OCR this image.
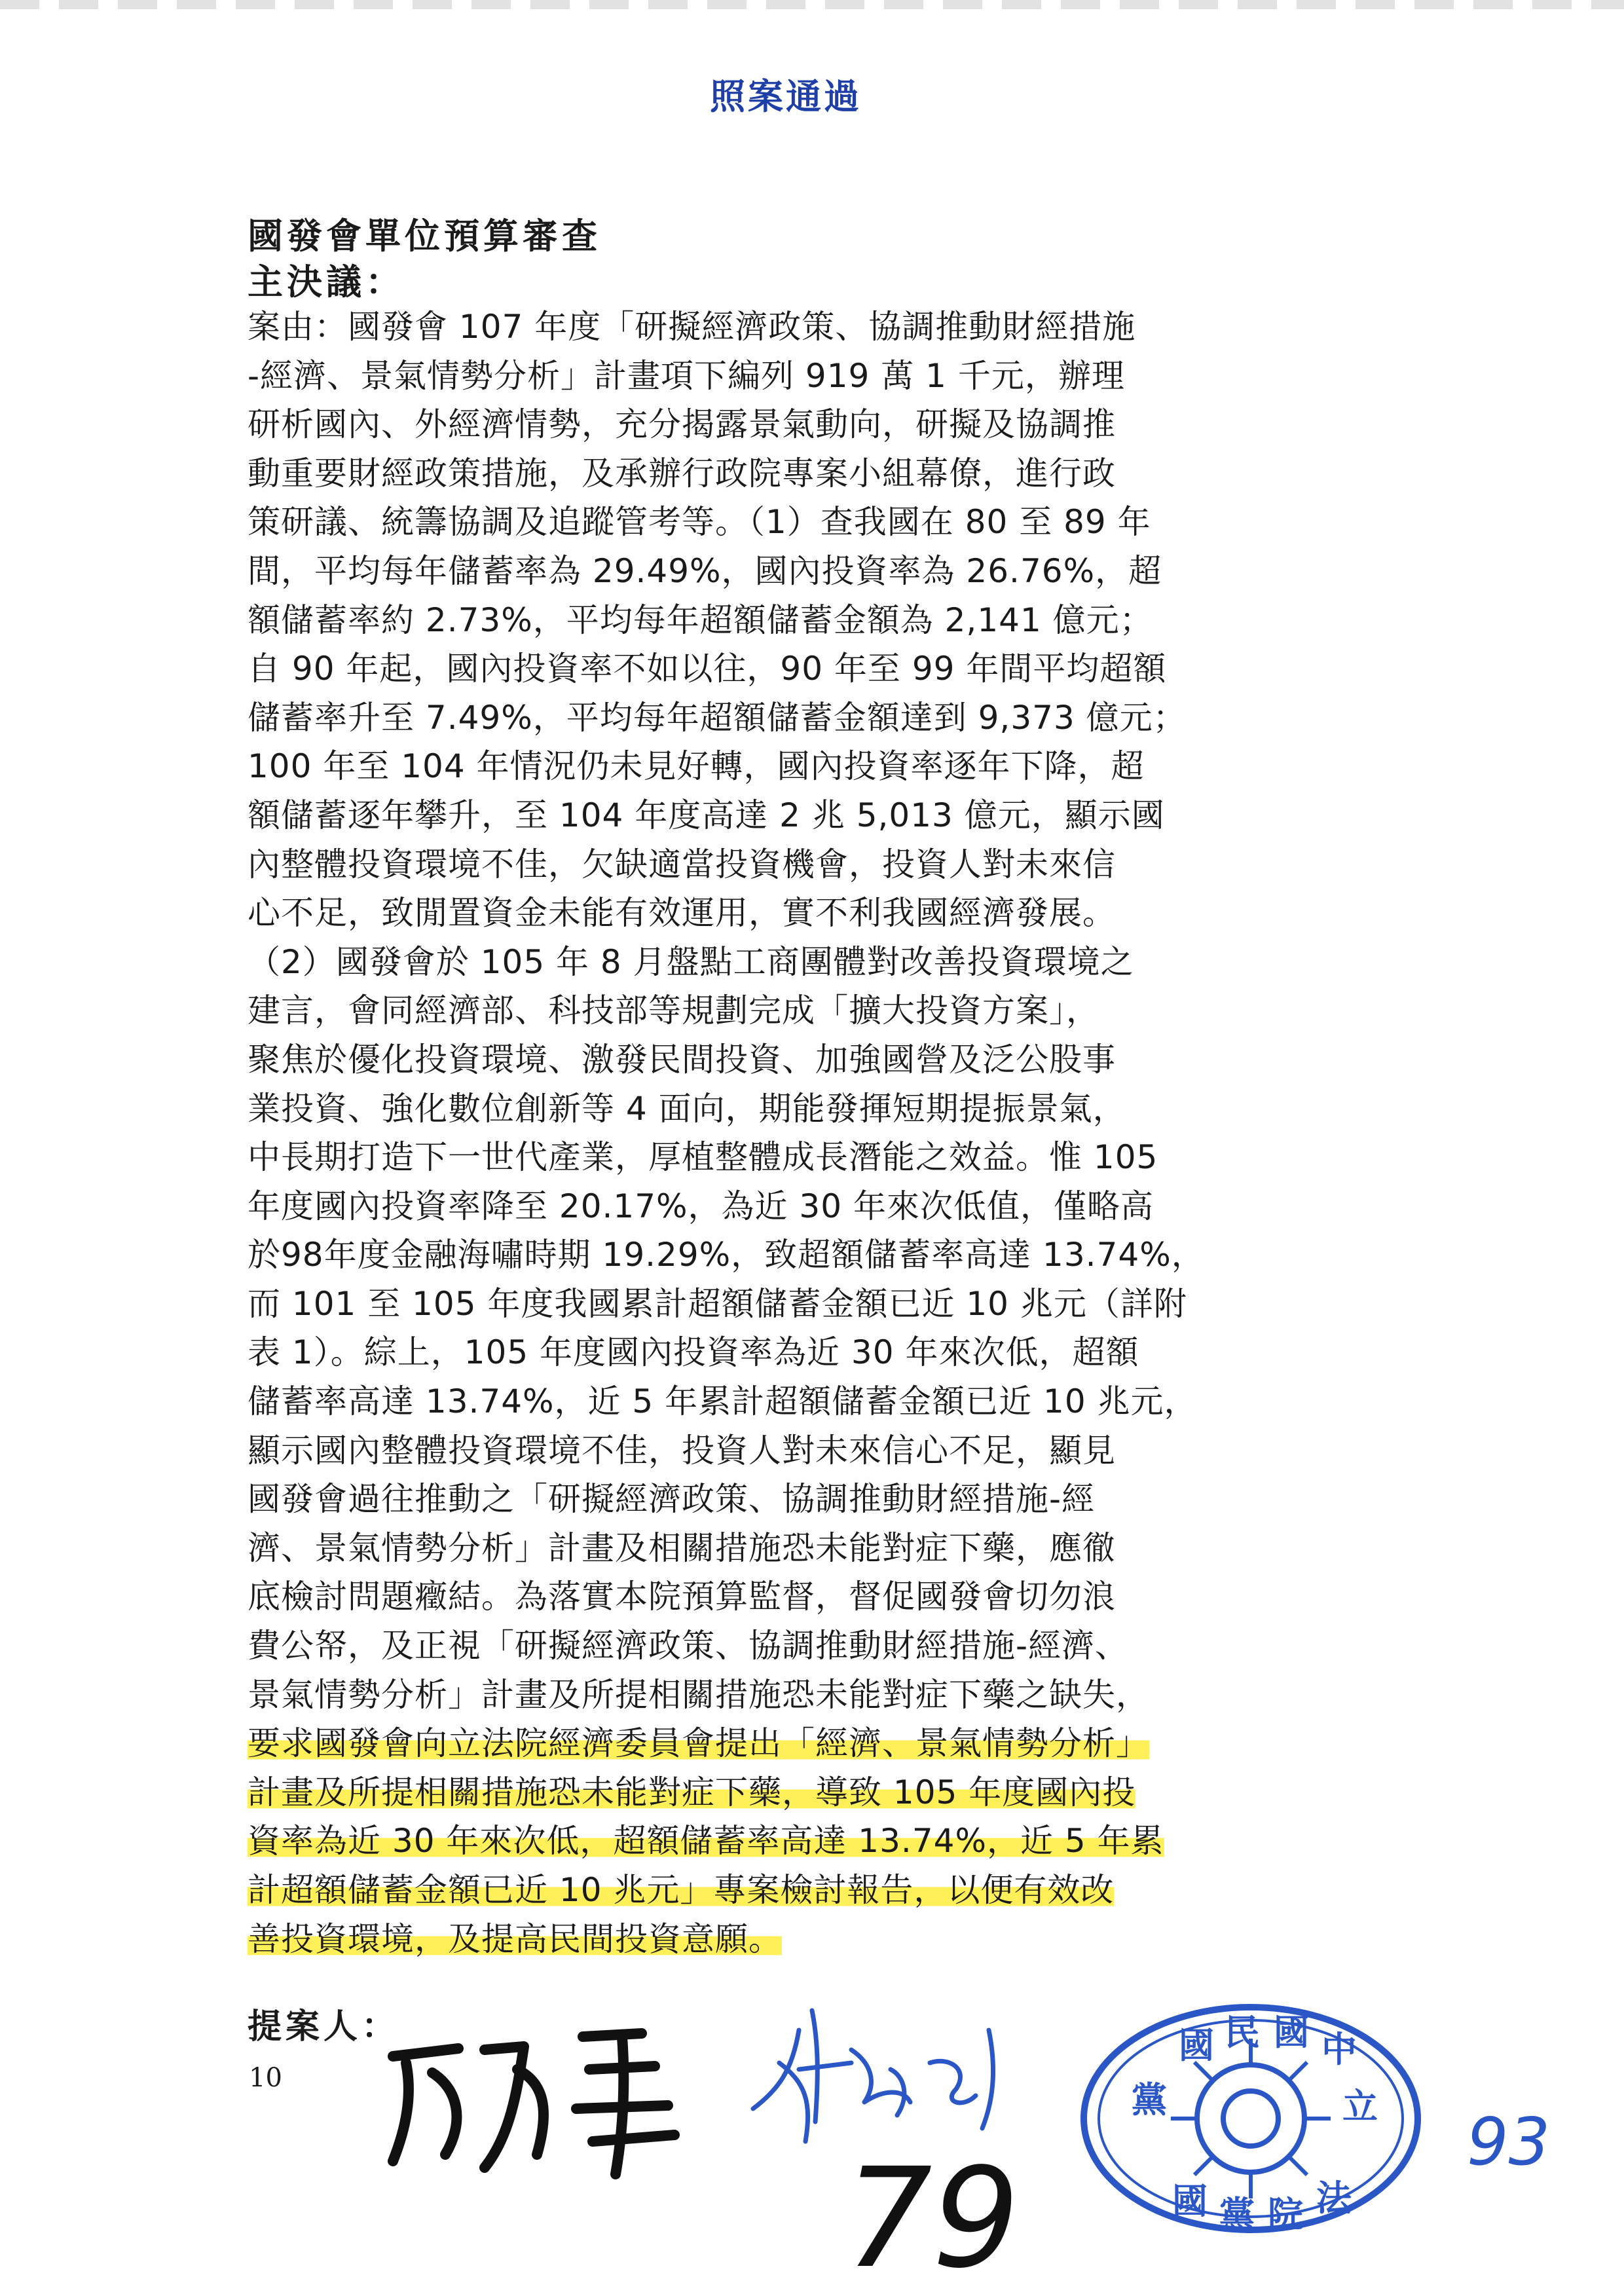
照案通過
國發會單位預算審查
主決議：
案由：國發會 107 年度「研擬經濟政策、協調推動財經措施
-經濟、景氣情勢分析」計畫項下編列 919 萬 1 千元，辦理
研析國內、外經濟情勢，充分揭露景氣動向，研擬及協調推
動重要財經政策措施，及承辦行政院專案小組幕僚，進行政
策研議、統籌協調及追蹤管考等。（1）查我國在 80 至 89 年
間，平均每年儲蓄率為 29.49%，國內投資率為 26.76%，超
額儲蓄率約 2.73%，平均每年超額儲蓄金額為 2,141 億元；
自 90 年起，國內投資率不如以往，90 年至 99 年間平均超額
儲蓄率升至 7.49%，平均每年超額儲蓄金額達到 9,373 億元；
100 年至 104 年情況仍未見好轉，國內投資率逐年下降，超
額儲蓄逐年攀升，至 104 年度高達 2 兆 5,013 億元，顯示國
內整體投資環境不佳，欠缺適當投資機會，投資人對未來信
心不足，致閒置資金未能有效運用，實不利我國經濟發展。
（2）國發會於 105 年 8 月盤點工商團體對改善投資環境之
建言，會同經濟部、科技部等規劃完成「擴大投資方案」，
聚焦於優化投資環境、激發民間投資、加強國營及泛公股事
業投資、強化數位創新等 4 面向，期能發揮短期提振景氣，
中長期打造下一世代產業，厚植整體成長潛能之效益。惟 105
年度國內投資率降至 20.17%，為近 30 年來次低值，僅略高
於98年度金融海嘯時期 19.29%，致超額儲蓄率高達 13.74%，
而 101 至 105 年度我國累計超額儲蓄金額已近 10 兆元（詳附
表 1）。綜上，105 年度國內投資率為近 30 年來次低，超額
儲蓄率高達 13.74%，近 5 年累計超額儲蓄金額已近 10 兆元，
顯示國內整體投資環境不佳，投資人對未來信心不足，顯見
國發會過往推動之「研擬經濟政策、協調推動財經措施-經
濟、景氣情勢分析」計畫及相關措施恐未能對症下藥，應徹
底檢討問題癥結。為落實本院預算監督，督促國發會切勿浪
費公帑，及正視「研擬經濟政策、協調推動財經措施-經濟、
景氣情勢分析」計畫及所提相關措施恐未能對症下藥之缺失，
要求國發會向立法院經濟委員會提出「經濟、景氣情勢分析」
計畫及所提相關措施恐未能對症下藥，導致 105 年度國內投
資率為近 30 年來次低，超額儲蓄率高達 13.74%，近 5 年累
計超額儲蓄金額已近 10 兆元」專案檢討報告，以便有效改
善投資環境，及提高民間投資意願。
提案人：
10
79	93
國 民 國 中
黨	立
國 黨 院 法
